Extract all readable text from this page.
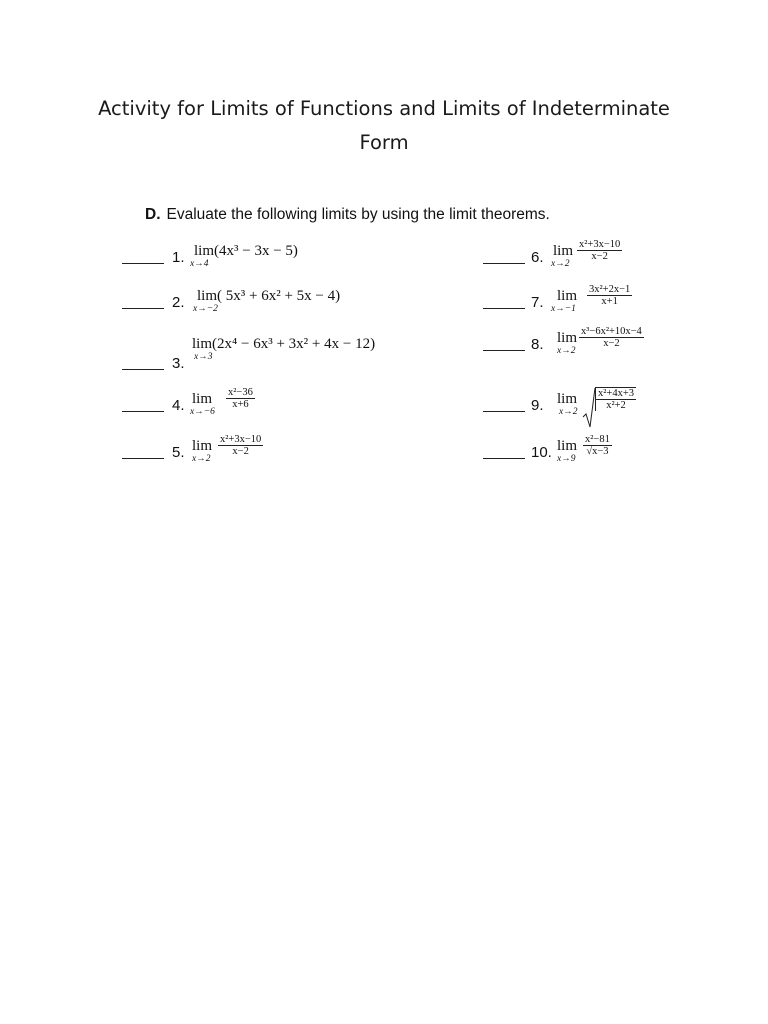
Activity for Limits of Functions and Limits of Indeterminate
Form
D. Evaluate the following limits by using the limit theorems.
1. lim
x→4
(4x³ − 3x − 5)
2. lim
x→−2
( 5x³ + 6x² + 5x − 4)
3.
lim
x→3
(2x⁴ − 6x³ + 3x² + 4x − 12)
4. lim
x→−6
x²−36
x+6
5. lim
x→2
x²+3x−10
x−2
6. lim
x→2
x²+3x−10
x−2
7. lim
x→−1
3x²+2x−1
x+1
8. lim
x→2
x³−6x²+10x−4
x−2
9. lim
x→2
x²+4x+3
x²+2
10. lim
x→9
x²−81
√x−3
